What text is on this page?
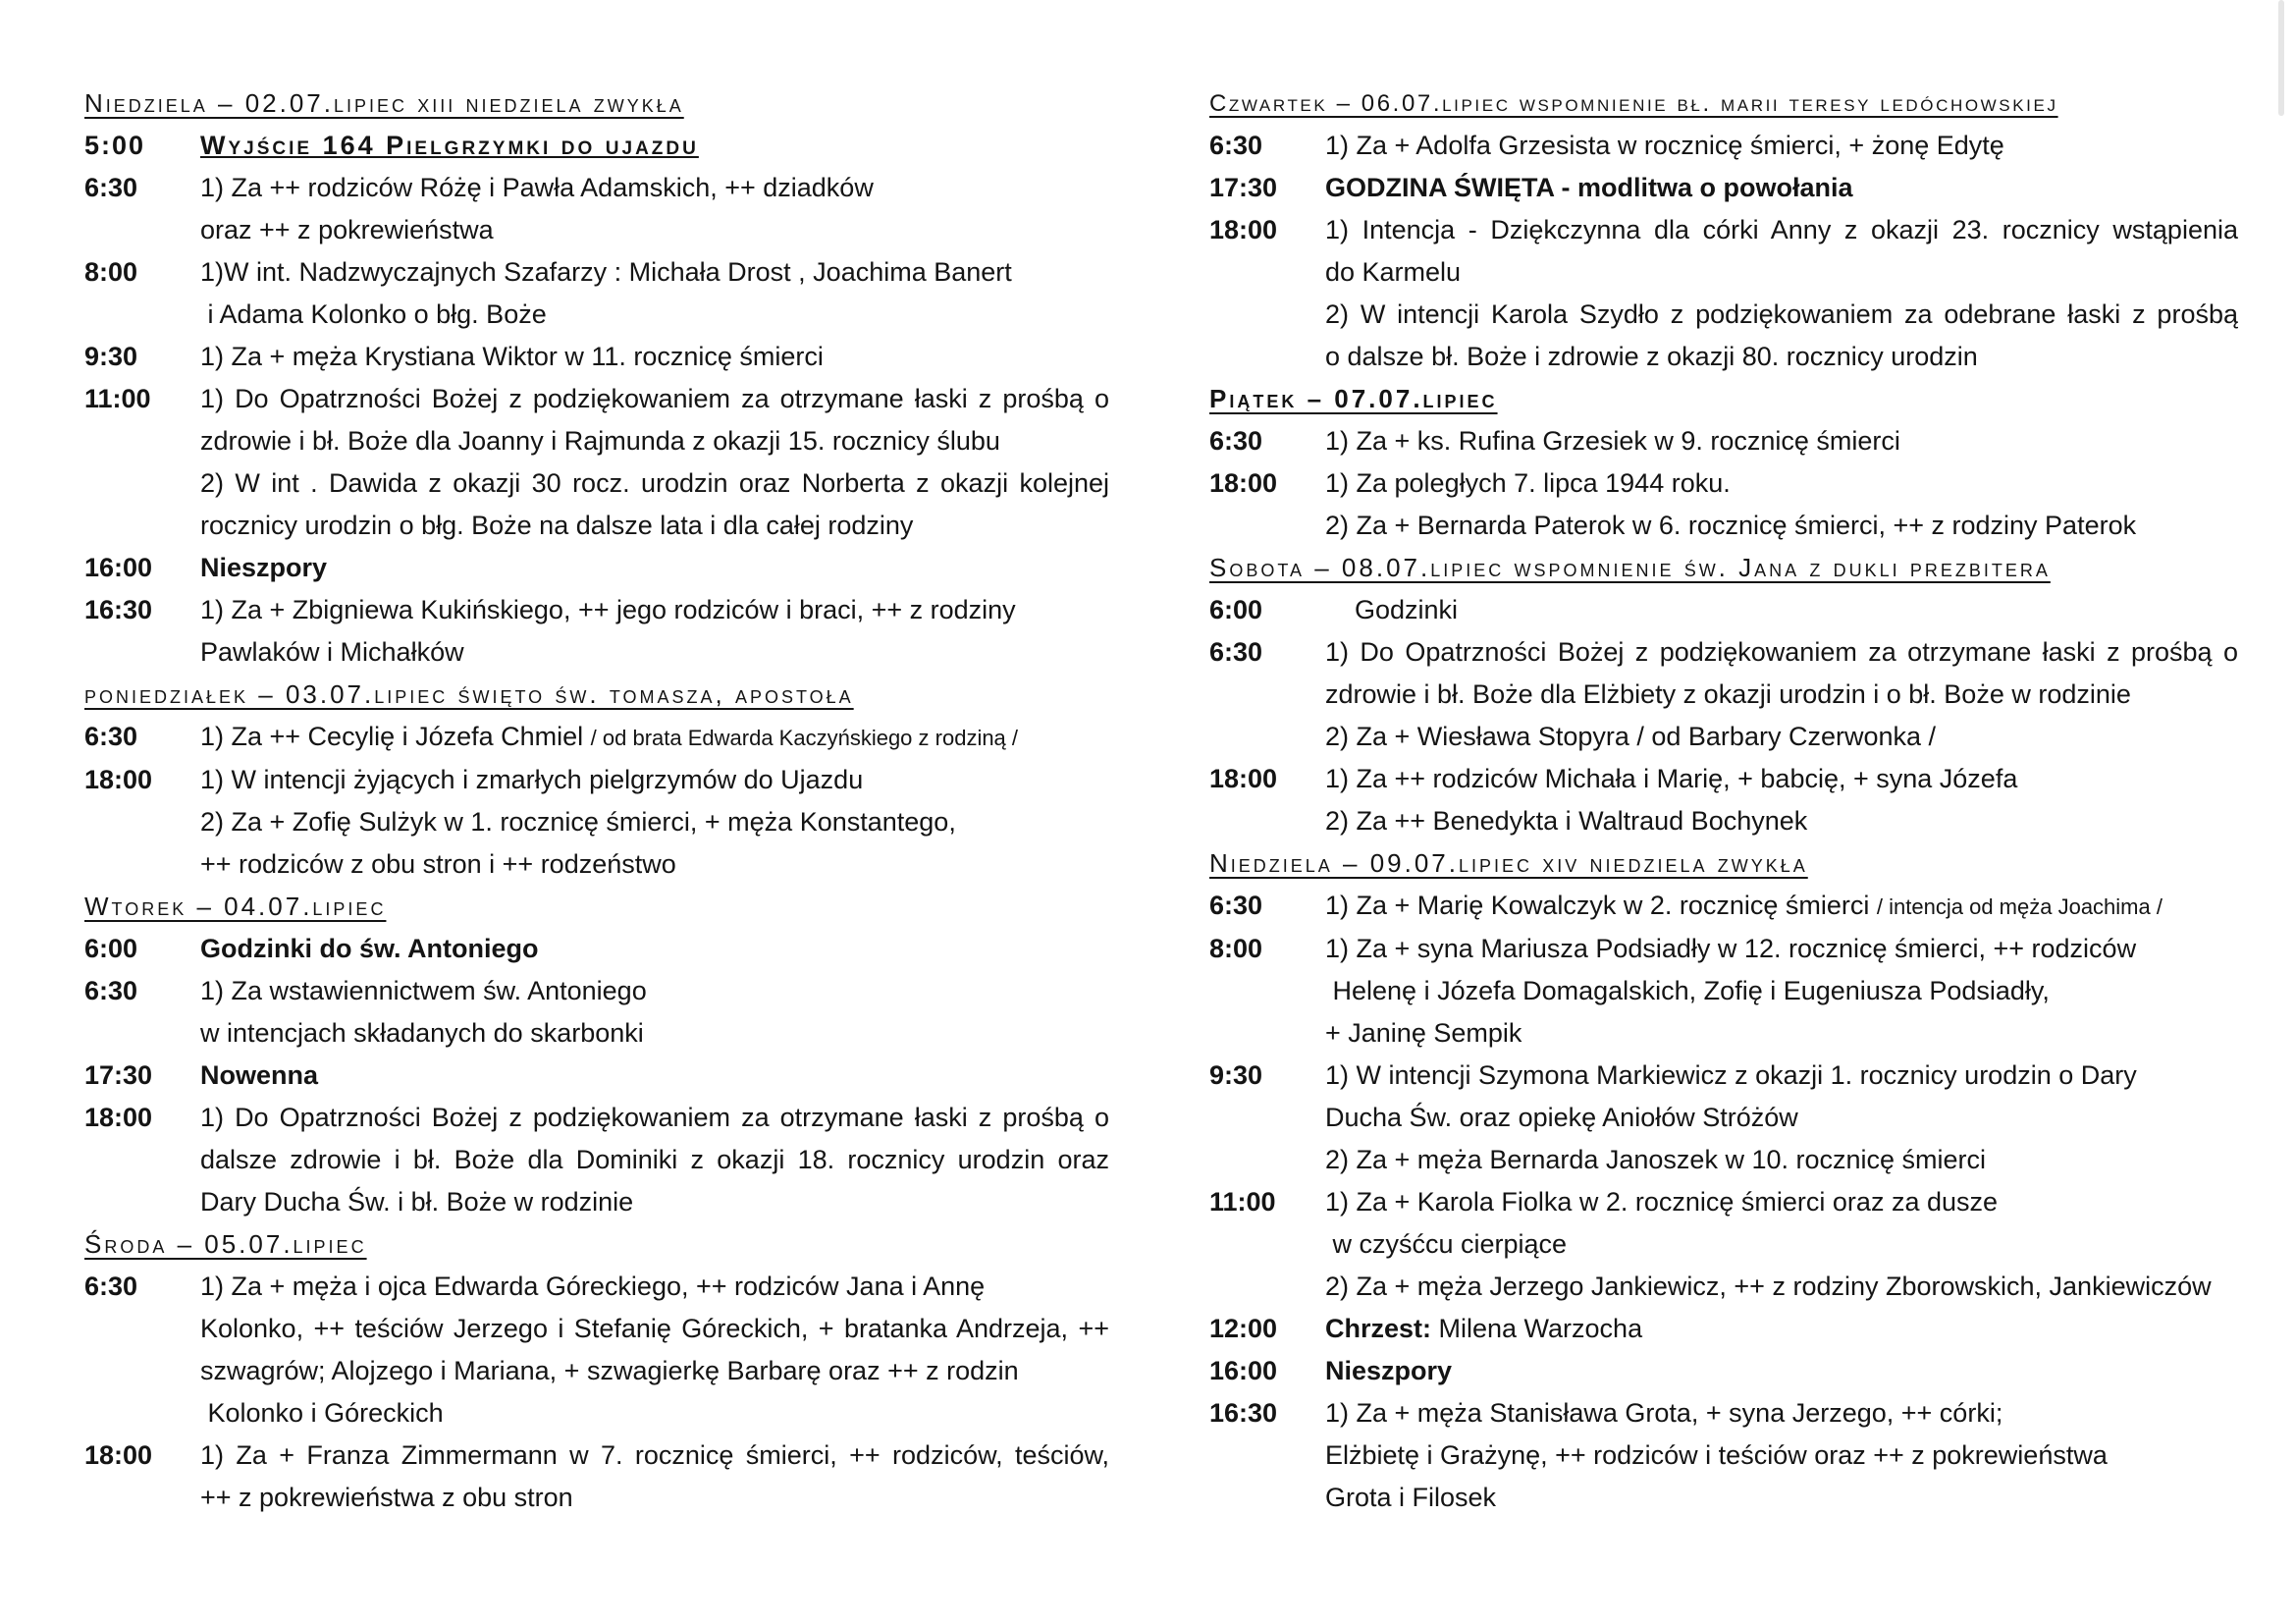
Niedziela – 02.07.lipiec xiii niedziela zwykła
5:00	Wyjście 164 Pielgrzymki do ujazdu
6:30	1) Za ++ rodziców Różę i Pawła Adamskich, ++ dziadków
oraz ++ z pokrewieństwa
8:00	1)W int. Nadzwyczajnych Szafarzy : Michała Drost , Joachima Banert
i Adama Kolonko o błg. Boże
9:30	1) Za + męża Krystiana Wiktor w 11. rocznicę śmierci
11:00	1) Do Opatrzności Bożej z podziękowaniem za otrzymane łaski z prośbą o
zdrowie i bł. Boże dla Joanny i Rajmunda z okazji 15. rocznicy ślubu
2) W int . Dawida z okazji 30 rocz. urodzin oraz Norberta z okazji kolejnej
rocznicy urodzin o błg. Boże na dalsze lata i dla całej rodziny
16:00	Nieszpory
16:30	1) Za + Zbigniewa Kukińskiego, ++ jego rodziców i braci, ++ z rodziny
Pawlaków i Michałków
poniedziałek – 03.07.lipiec święto św. tomasza, apostoła
6:30	1) Za ++ Cecylię i Józefa Chmiel / od brata Edwarda Kaczyńskiego z rodziną /
18:00	1) W intencji żyjących i zmarłych pielgrzymów do Ujazdu
2) Za + Zofię Sulżyk w 1. rocznicę śmierci, + męża Konstantego,
++ rodziców z obu stron i ++ rodzeństwo
Wtorek – 04.07.lipiec
6:00	Godzinki do św. Antoniego
6:30	1) Za wstawiennictwem św. Antoniego
w intencjach składanych do skarbonki
17:30	Nowenna
18:00	1) Do Opatrzności Bożej z podziękowaniem za otrzymane łaski z prośbą o
dalsze zdrowie i bł. Boże dla Dominiki z okazji 18. rocznicy urodzin oraz
Dary Ducha Św. i bł. Boże w rodzinie
Środa – 05.07.lipiec
6:30	1) Za + męża i ojca Edwarda Góreckiego, ++ rodziców Jana i Annę
Kolonko, ++ teściów Jerzego i Stefanię Góreckich, + bratanka Andrzeja, ++
szwagrów; Alojzego i Mariana, + szwagierkę Barbarę oraz ++ z rodzin
Kolonko i Góreckich
18:00	1) Za + Franza Zimmermann w 7. rocznicę śmierci, ++ rodziców, teściów,
++ z pokrewieństwa z obu stron
Czwartek – 06.07.lipiec wspomnienie bł. marii teresy ledóchowskiej
6:30	1) Za + Adolfa Grzesista w rocznicę śmierci, + żonę Edytę
17:30	GODZINA ŚWIĘTA - modlitwa o powołania
18:00	1) Intencja - Dziękczynna dla córki Anny z okazji 23. rocznicy wstąpienia
do Karmelu
2) W intencji Karola Szydło z podziękowaniem za odebrane łaski z prośbą
o dalsze bł. Boże i zdrowie z okazji 80. rocznicy urodzin
Piątek – 07.07.lipiec
6:30	1) Za + ks. Rufina Grzesiek w 9. rocznicę śmierci
18:00	1) Za poległych 7. lipca 1944 roku.
2) Za + Bernarda Paterok w 6. rocznicę śmierci, ++ z rodziny Paterok
Sobota – 08.07.lipiec wspomnienie św. Jana z dukli prezbitera
6:00	Godzinki
6:30	1) Do Opatrzności Bożej z podziękowaniem za otrzymane łaski z prośbą o
zdrowie i bł. Boże dla Elżbiety z okazji urodzin i o bł. Boże w rodzinie
2) Za + Wiesława Stopyra / od Barbary Czerwonka /
18:00	1) Za ++ rodziców Michała i Marię, + babcię, + syna Józefa
2) Za ++ Benedykta i Waltraud Bochynek
Niedziela – 09.07.lipiec xiv niedziela zwykła
6:30	1) Za + Marię Kowalczyk w 2. rocznicę śmierci / intencja od męża Joachima /
8:00	1) Za + syna Mariusza Podsiadły w 12. rocznicę śmierci, ++ rodziców
Helenę i Józefa Domagalskich, Zofię i Eugeniusza Podsiadły,
+ Janinę Sempik
9:30	1) W intencji Szymona Markiewicz z okazji 1. rocznicy urodzin o Dary
Ducha Św. oraz opiekę Aniołów Stróżów
2) Za + męża Bernarda Janoszek w 10. rocznicę śmierci
11:00	1) Za + Karola Fiolka w 2. rocznicę śmierci oraz za dusze
w czyśćcu cierpiące
2) Za + męża Jerzego Jankiewicz, ++ z rodziny Zborowskich, Jankiewiczów
12:00	Chrzest: Milena Warzocha
16:00	Nieszpory
16:30	1) Za + męża Stanisława Grota, + syna Jerzego, ++ córki;
Elżbietę i Grażynę, ++ rodziców i teściów oraz ++ z pokrewieństwa
Grota i Filosek
